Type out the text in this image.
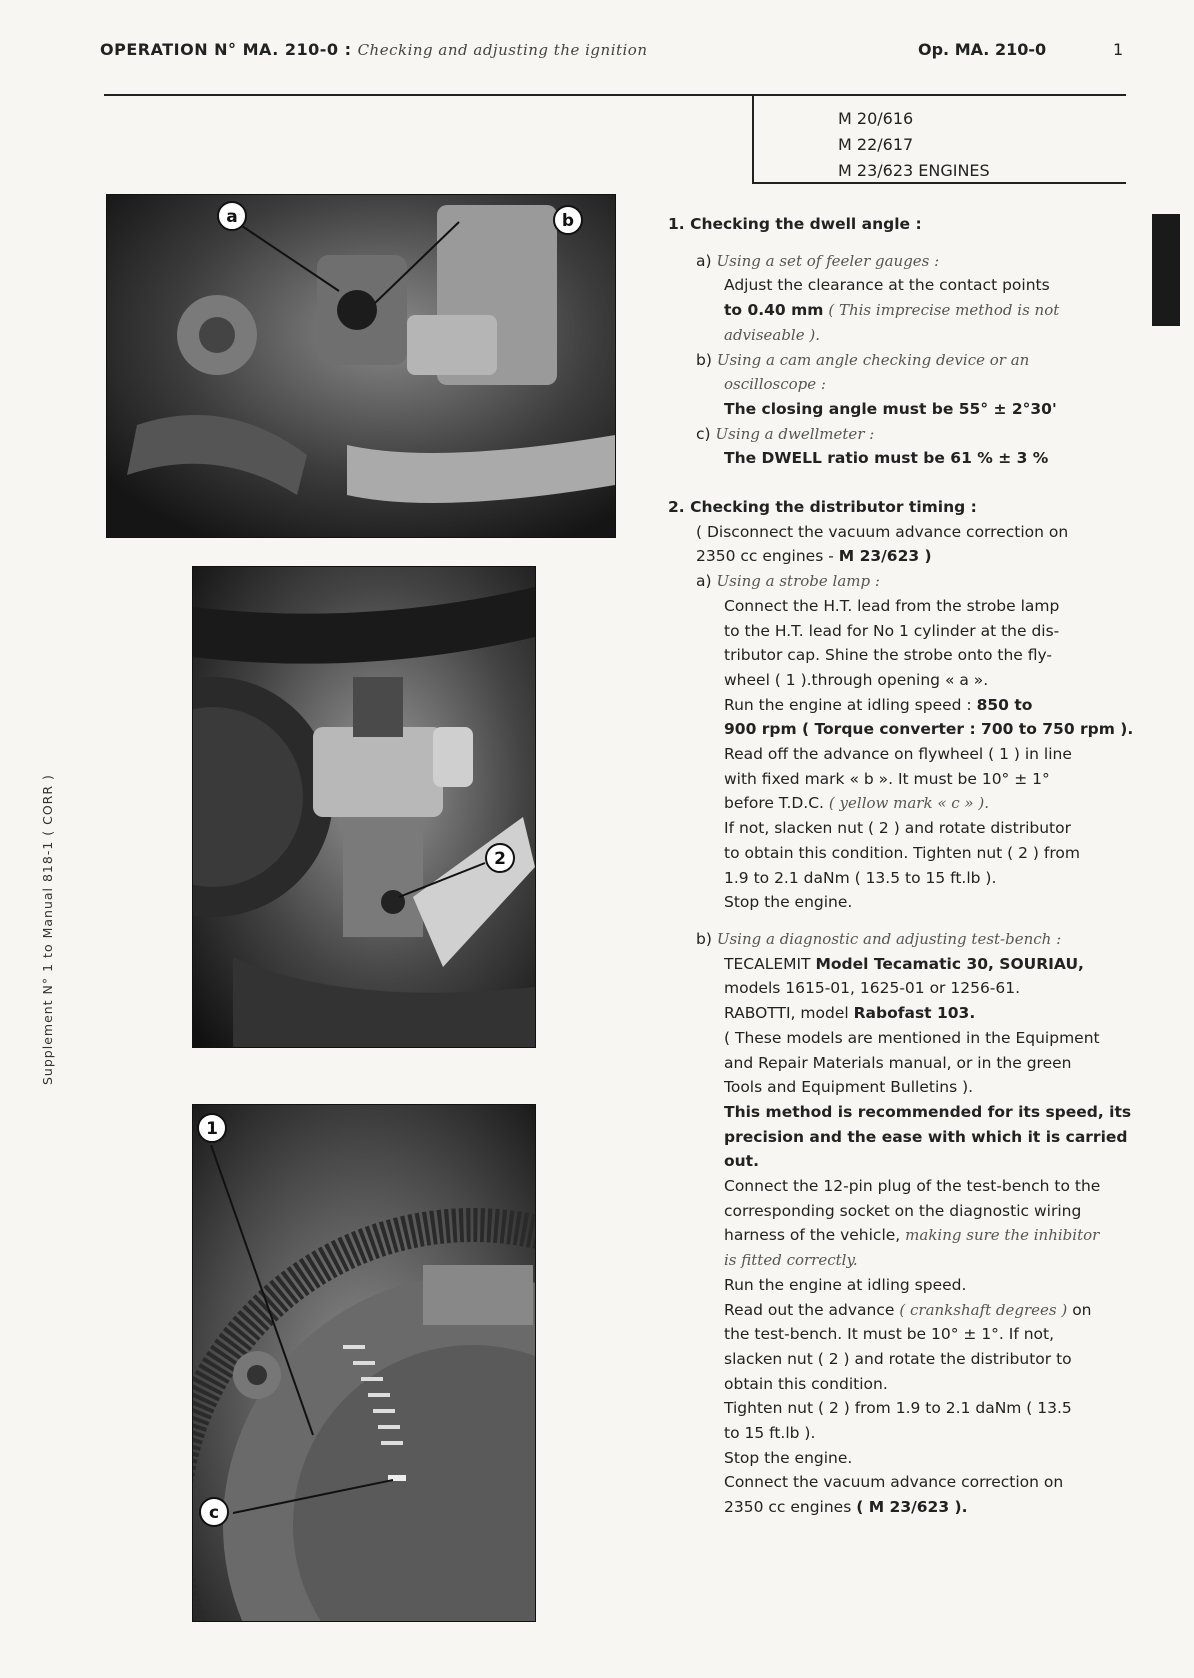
OPERATION N° MA. 210-0 : Checking and adjusting the ignition	Op. MA. 210-0	1
M 20/616
M 22/617
M 23/623 ENGINES
Supplement N° 1 to Manual 818-1 ( CORR )
a	b
2
1
c

1. Checking the dwell angle :

a) Using a set of feeler gauges :

Adjust the clearance at the contact points

to 0.40 mm ( This imprecise method is not

adviseable ).

b) Using a cam angle checking device or an

oscilloscope :

The closing angle must be 55° ± 2°30'

c) Using a dwellmeter :

The DWELL ratio must be 61 % ± 3 %

2. Checking the distributor timing :

( Disconnect the vacuum advance correction on

2350 cc engines - M 23/623 )

a) Using a strobe lamp :

Connect the H.T. lead from the strobe lamp

to the H.T. lead for No 1 cylinder at the dis-

tributor cap. Shine the strobe onto the fly-

wheel ( 1 ).through opening « a ».

Run the engine at idling speed : 850 to

900 rpm ( Torque converter : 700 to 750 rpm ).

Read off the advance on flywheel ( 1 ) in line

with fixed mark « b ». It must be 10° ± 1°

before T.D.C. ( yellow mark « c » ).

If not, slacken nut ( 2 ) and rotate distributor

to obtain this condition. Tighten nut ( 2 ) from

1.9 to 2.1 daNm ( 13.5 to 15 ft.lb ).

Stop the engine.

b) Using a diagnostic and adjusting test-bench :

TECALEMIT Model Tecamatic 30, SOURIAU,

models 1615-01, 1625-01 or 1256-61.

RABOTTI, model Rabofast 103.

( These models are mentioned in the Equipment

and Repair Materials manual, or in the green

Tools and Equipment Bulletins ).

This method is recommended for its speed, its

precision and the ease with which it is carried

out.

Connect the 12-pin plug of the test-bench to the

corresponding socket on the diagnostic wiring

harness of the vehicle, making sure the inhibitor

is fitted correctly.

Run the engine at idling speed.

Read out the advance ( crankshaft degrees ) on

the test-bench. It must be 10° ± 1°. If not,

slacken nut ( 2 ) and rotate the distributor to

obtain this condition.

Tighten nut ( 2 ) from 1.9 to 2.1 daNm ( 13.5

to 15 ft.lb ).

Stop the engine.

Connect the vacuum advance correction on

2350 cc engines ( M 23/623 ).
